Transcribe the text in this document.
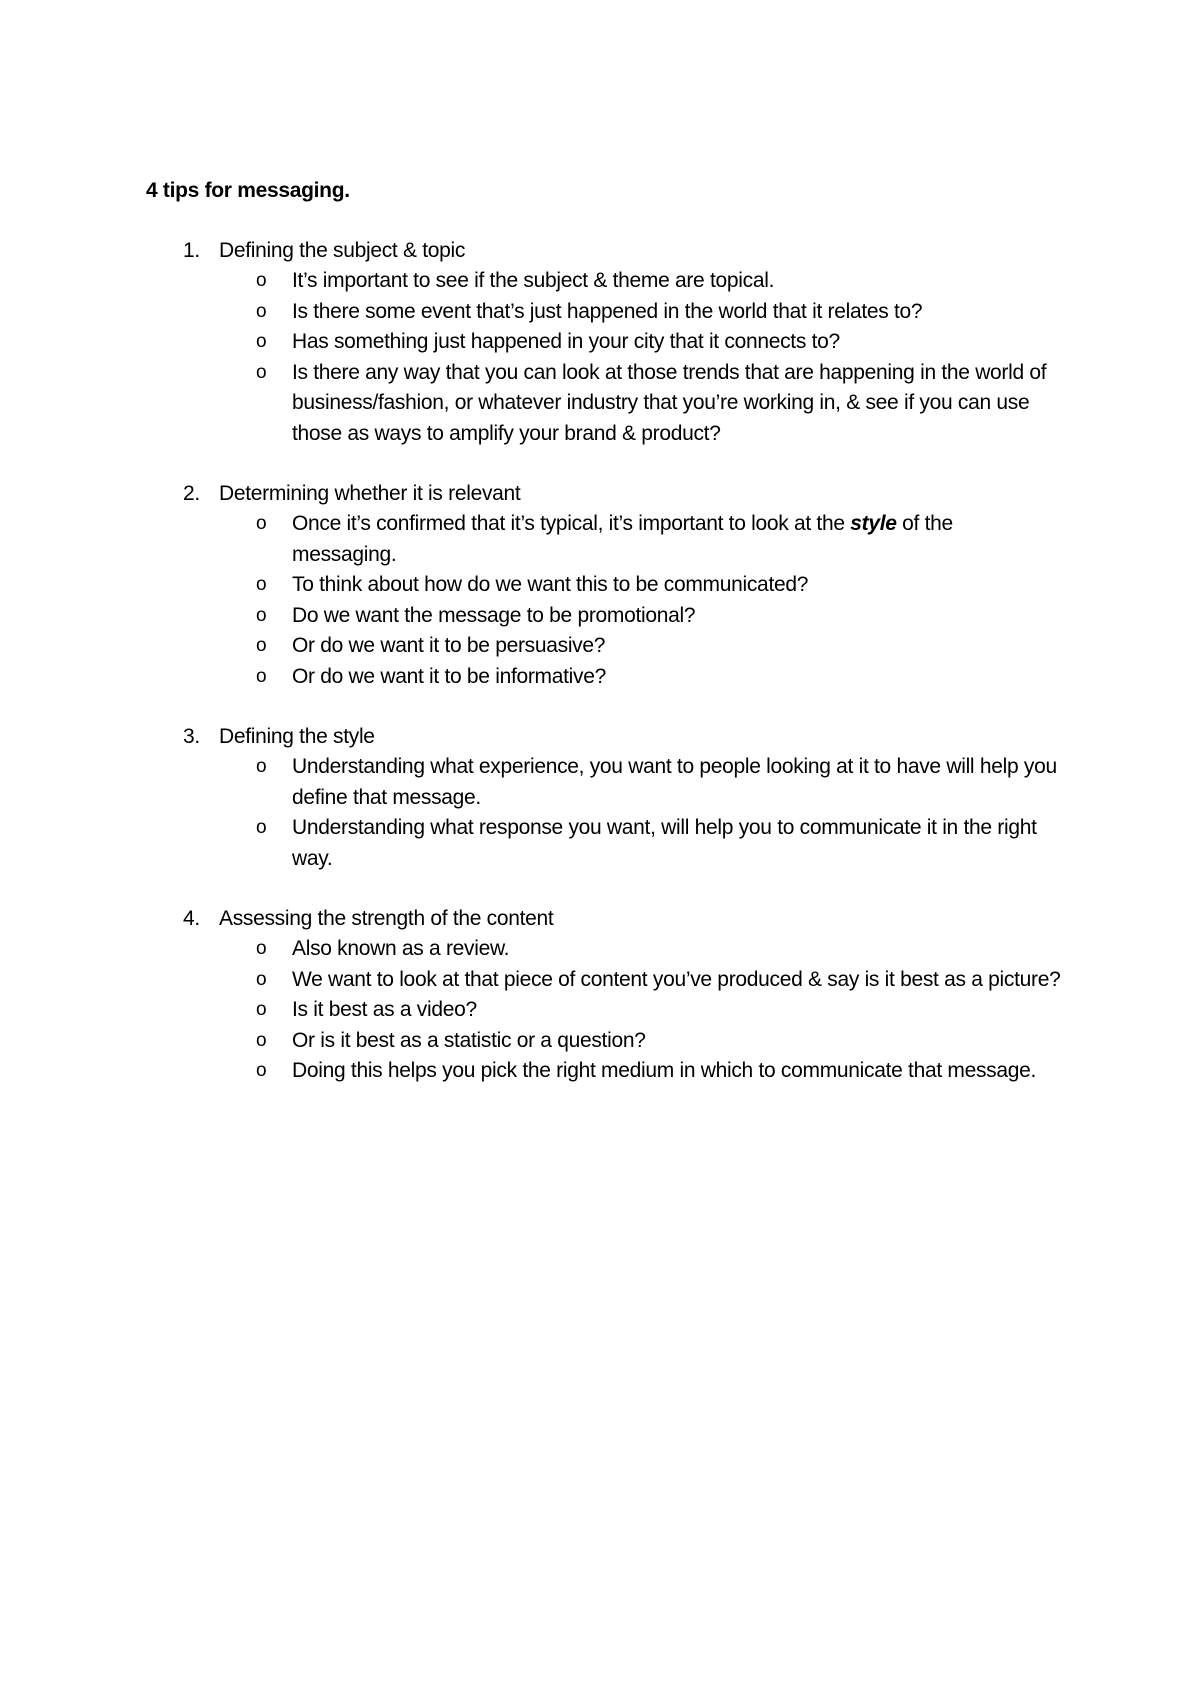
4 tips for messaging.
1. Defining the subject & topic
o It’s important to see if the subject & theme are topical.
o Is there some event that’s just happened in the world that it relates to?
o Has something just happened in your city that it connects to?
o Is there any way that you can look at those trends that are happening in the world of business/fashion, or whatever industry that you’re working in, & see if you can use those as ways to amplify your brand & product?
2. Determining whether it is relevant
o Once it’s confirmed that it’s typical, it’s important to look at the style of the messaging.
o To think about how do we want this to be communicated?
o Do we want the message to be promotional?
o Or do we want it to be persuasive?
o Or do we want it to be informative?
3. Defining the style
o Understanding what experience, you want to people looking at it to have will help you define that message.
o Understanding what response you want, will help you to communicate it in the right way.
4. Assessing the strength of the content
o Also known as a review.
o We want to look at that piece of content you’ve produced & say is it best as a picture?
o Is it best as a video?
o Or is it best as a statistic or a question?
o Doing this helps you pick the right medium in which to communicate that message.
